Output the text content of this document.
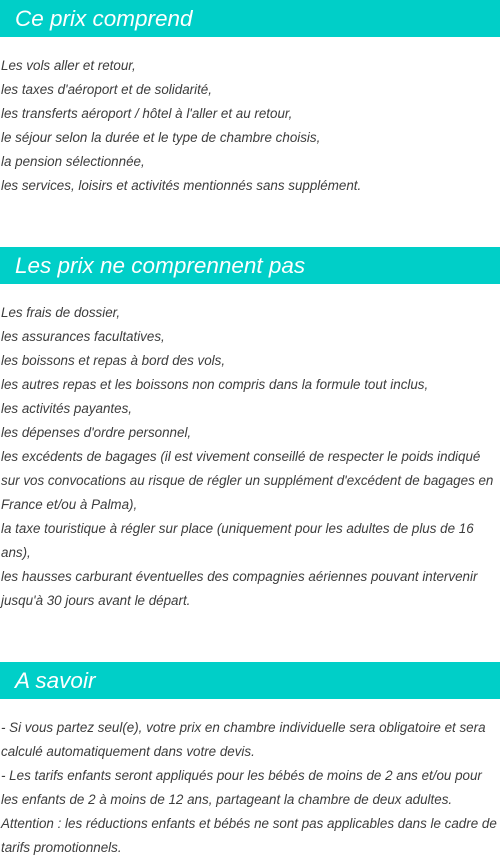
Ce prix comprend
Les vols aller et retour,
les taxes d'aéroport et de solidarité,
les transferts aéroport / hôtel à l'aller et au retour,
le séjour selon la durée et le type de chambre choisis,
la pension sélectionnée,
les services, loisirs et activités mentionnés sans supplément.
Les prix ne comprennent pas
Les frais de dossier,
les assurances facultatives,
les boissons et repas à bord des vols,
les autres repas et les boissons non compris dans la formule tout inclus,
les activités payantes,
les dépenses d'ordre personnel,
les excédents de bagages (il est vivement conseillé de respecter le poids indiqué sur vos convocations au risque de régler un supplément d'excédent de bagages en France et/ou à Palma),
la taxe touristique à régler sur place (uniquement pour les adultes de plus de 16 ans),
les hausses carburant éventuelles des compagnies aériennes pouvant intervenir jusqu'à 30 jours avant le départ.
A savoir
- Si vous partez seul(e), votre prix en chambre individuelle sera obligatoire et sera calculé automatiquement dans votre devis.
- Les tarifs enfants seront appliqués pour les bébés de moins de 2 ans et/ou pour les enfants de 2 à moins de 12 ans, partageant la chambre de deux adultes.
Attention : les réductions enfants et bébés ne sont pas applicables dans le cadre de tarifs promotionnels.
